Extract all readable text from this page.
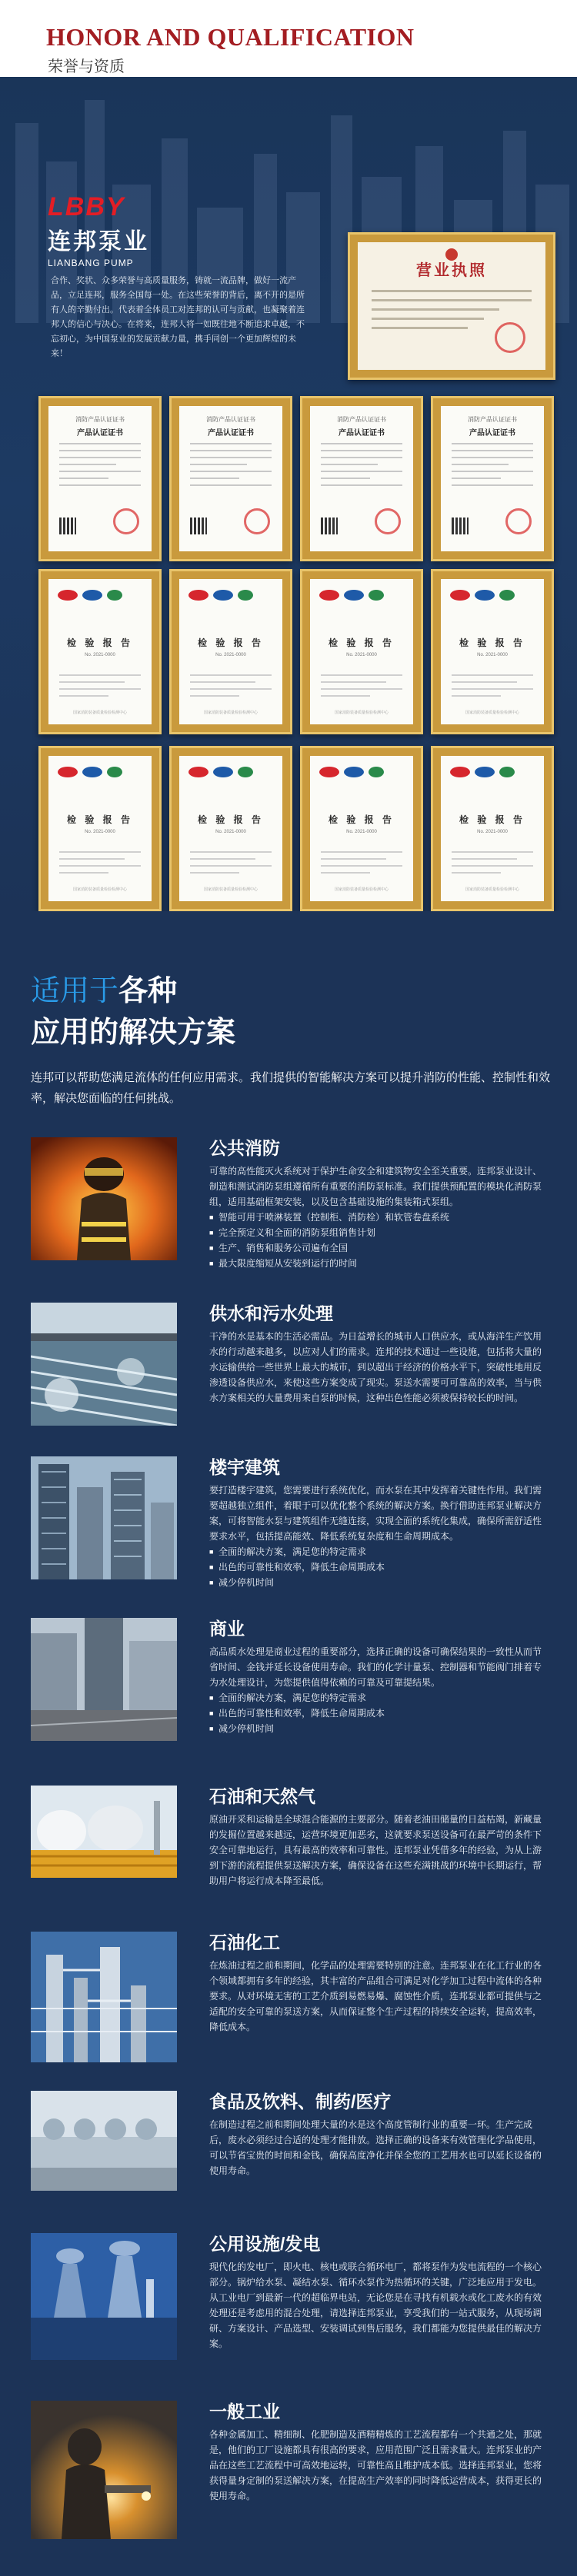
HONOR AND QUALIFICATION
荣誉与资质
LBBY
连邦泵业
LIANBANG PUMP
合作、奖状、众多荣誉与高质量服务，铸就一流品牌，做好一流产品，立足连邦，服务全国每一处。在这些荣誉的背后，离不开的是所有人的辛勤付出。代表着全体员工对连邦的认可与贡献，也凝聚着连邦人的信心与决心。在将来，连邦人将一如既往地不断追求卓越，不忘初心，为中国泵业的发展贡献力量，携手同创一个更加辉煌的未来！
营业执照
消防产品认证证书
产品认证证书
消防产品认证证书
产品认证证书
消防产品认证证书
产品认证证书
消防产品认证证书
产品认证证书
检 验 报 告
No. 2021-0000
国家消防装备质量检验检测中心
检 验 报 告
No. 2021-0000
国家消防装备质量检验检测中心
检 验 报 告
No. 2021-0000
国家消防装备质量检验检测中心
检 验 报 告
No. 2021-0000
国家消防装备质量检验检测中心
检 验 报 告
No. 2021-0000
国家消防装备质量检验检测中心
检 验 报 告
No. 2021-0000
国家消防装备质量检验检测中心
检 验 报 告
No. 2021-0000
国家消防装备质量检验检测中心
检 验 报 告
No. 2021-0000
国家消防装备质量检验检测中心
适用于各种
应用的解决方案
连邦可以帮助您满足流体的任何应用需求。我们提供的智能解决方案可以提升消防的性能、控制性和效率，解决您面临的任何挑战。
公共消防
可靠的高性能灭火系统对于保护生命安全和建筑物安全至关重要。连邦泵业设计、制造和测试消防泵组遵循所有重要的消防泵标准。我们提供预配置的模块化消防泵组，适用基础框架安装，以及包含基础设施的集装箱式泵组。
■ 智能可用于喷淋装置（控制柜、消防栓）和软管卷盘系统
■ 完全预定义和全面的消防泵组销售计划
■ 生产、销售和服务公司遍布全国
■ 最大限度缩短从安装到运行的时间
供水和污水处理
干净的水是基本的生活必需品。为日益增长的城市人口供应水，或从海洋生产饮用水的行动越来越多，以应对人们的需求。连邦的技术通过一些设施，包括将大量的水运输供给一些世界上最大的城市，到以超出于经济的价格水平下，突破性地用反渗透设备供应水，来使这些方案变成了现实。泵送水需要可可靠高的效率，当与供水方案相关的大量费用来自泵的时候，这种出色性能必须被保持较长的时间。
楼宇建筑
要打造楼宇建筑，您需要进行系统优化，而水泵在其中发挥着关键性作用。我们需要超越独立组件，着眼于可以优化整个系统的解决方案。换行借助连邦泵业解决方案，可将智能水泵与建筑组件无缝连接，实现全面的系统化集成，确保所需舒适性要求水平，包括提高能效、降低系统复杂度和生命周期成本。
■ 全面的解决方案，满足您的特定需求
■ 出色的可靠性和效率，降低生命周期成本
■ 减少停机时间
商业
高品质水处理是商业过程的重要部分，选择正确的设备可确保结果的一致性从而节省时间、金钱并延长设备使用寿命。我们的化学计量泵、控制器和节能阀门排着专为水处理设计，为您提供值得依赖的可靠及可靠提结果。
■ 全面的解决方案，满足您的特定需求
■ 出色的可靠性和效率，降低生命周期成本
■ 减少停机时间
石油和天然气
原油开采和运输是全球混合能源的主要部分。随着老油田储量的日益枯竭，新藏量的发掘位置越来越远，运营环境更加恶劣，这就要求泵送设备可在最严苛的条件下安全可靠地运行，具有最高的效率和可靠性。连邦泵业凭借多年的经验，为从上游到下游的流程提供泵送解决方案，确保设备在这些充满挑战的环境中长期运行，帮助用户将运行成本降至最低。
石油化工
在炼油过程之前和期间，化学品的处理需要特别的注意。连邦泵业在化工行业的各个领域都拥有多年的经验，其丰富的产品组合可满足对化学加工过程中流体的各种要求。从对环境无害的工艺介质到易燃易爆、腐蚀性介质，连邦泵业都可提供与之适配的安全可靠的泵送方案，从而保证整个生产过程的持续安全运转，提高效率，降低成本。
食品及饮料、制药/医疗
在制造过程之前和期间处理大量的水是这个高度管制行业的重要一环。生产完成后，废水必须经过合适的处理才能排放。选择正确的设备来有效管理化学品使用，可以节省宝贵的时间和金钱，确保高度净化并保全您的工艺用水也可以延长设备的使用寿命。
公用设施/发电
现代化的发电厂，即火电、核电或联合循环电厂，都将泵作为发电流程的一个核心部分。锅炉给水泵、凝结水泵、循环水泵作为热循环的关键，广泛地应用于发电。从工业电厂到最新一代的超临界电站，无论您是在寻找有机载水或化工废水的有效处理还是考虑用的混合处理，请选择连邦泵业，享受我们的一站式服务，从现场调研、方案设计、产品选型、安装调试到售后服务，我们都能为您提供最佳的解决方案。
一般工业
各种金属加工、精细制、化肥制造及酒精精炼的工艺流程都有一个共通之处，那就是，他们的工厂设施都具有很高的要求，应用范围广泛且需求量大。连邦泵业的产品在这些工艺流程中可高效地运转，可靠性高且维护成本低。选择连邦泵业，您将获得量身定制的泵送解决方案，在提高生产效率的同时降低运营成本，获得更长的使用寿命。
